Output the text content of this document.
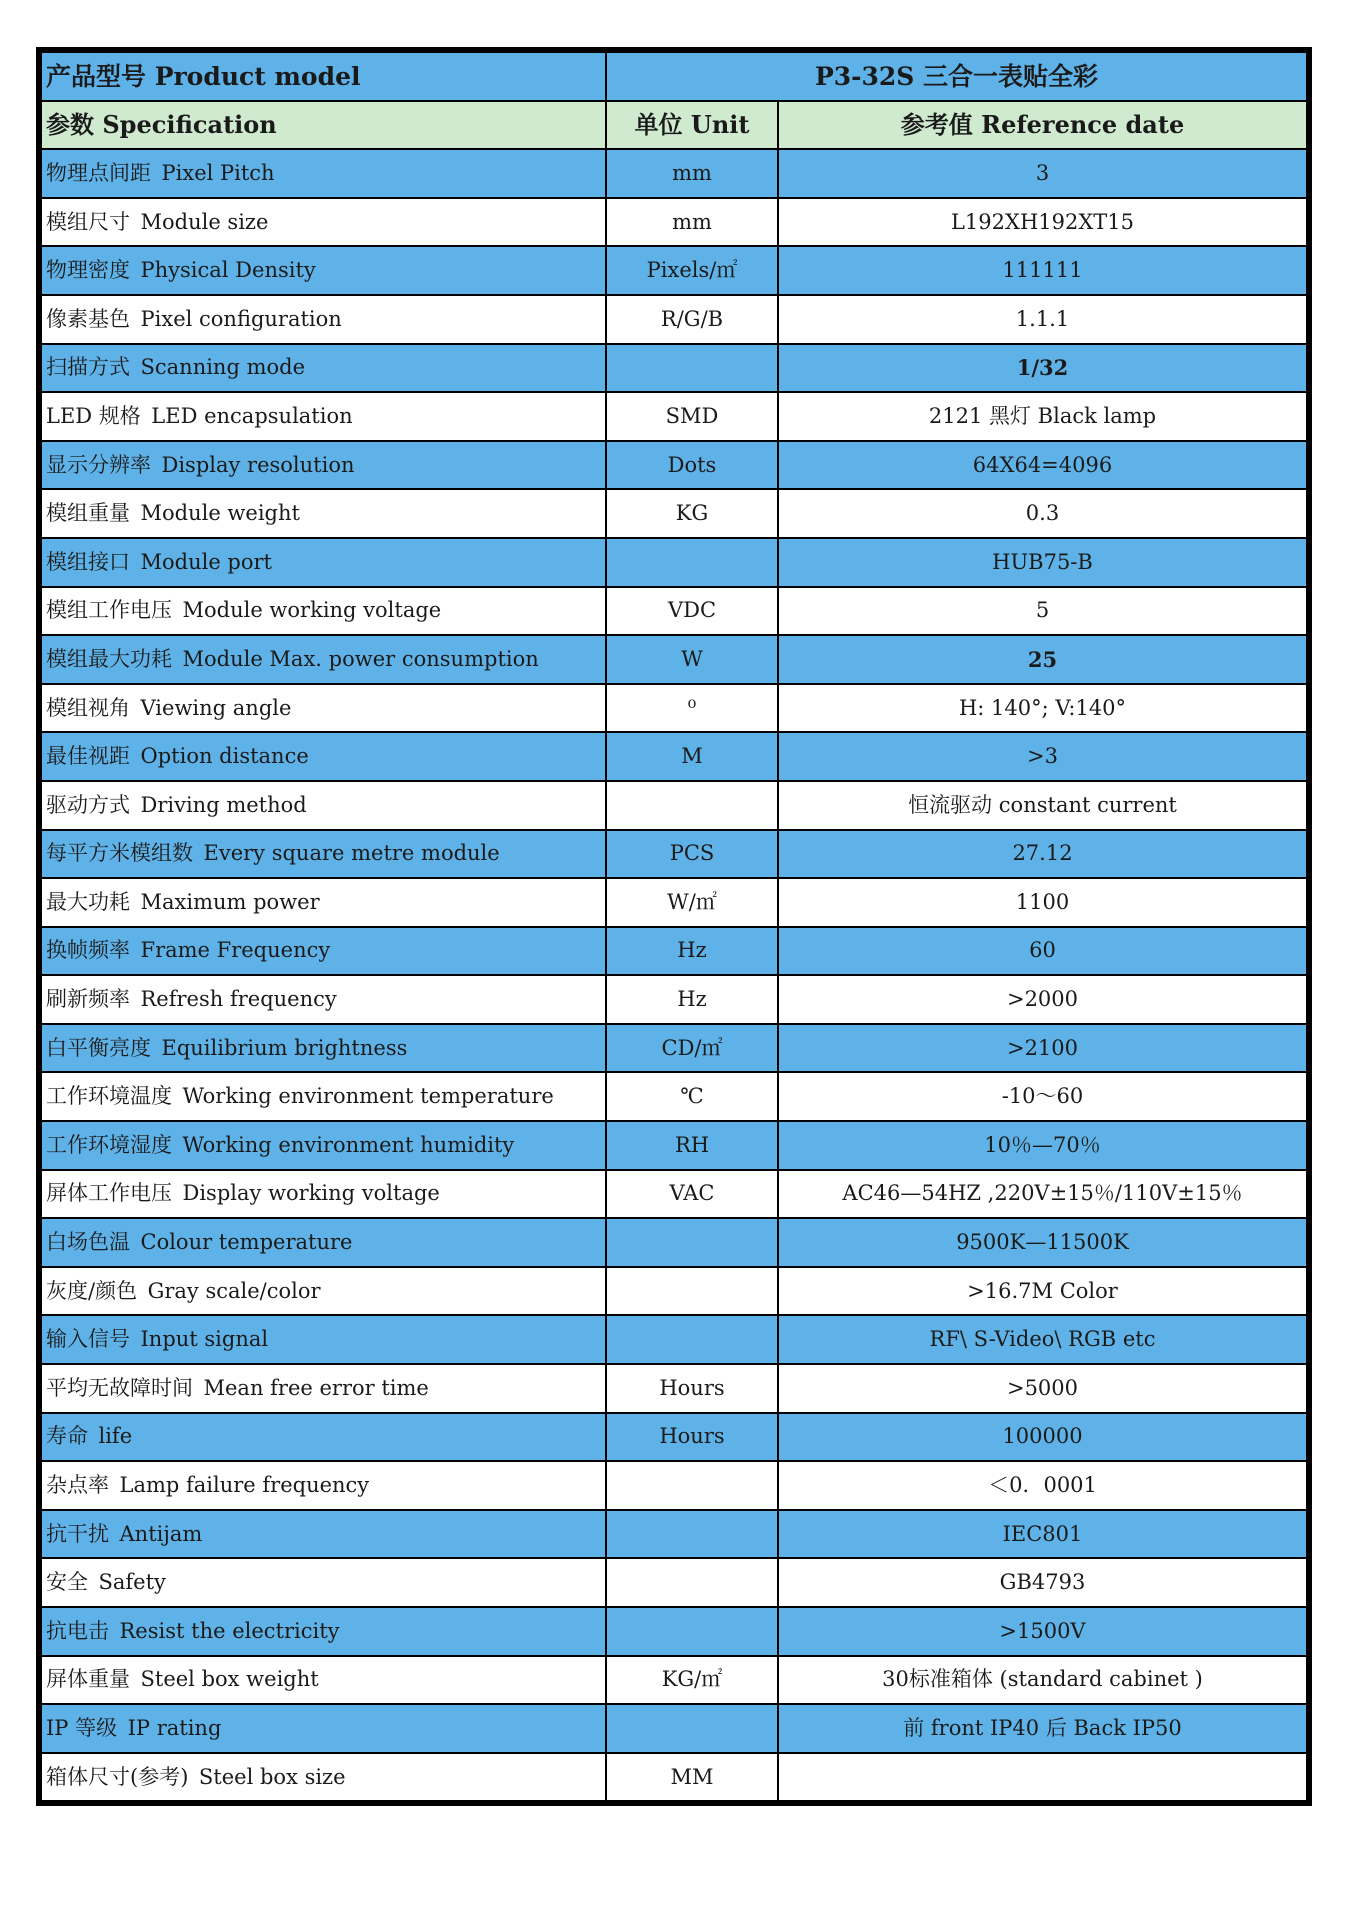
产品型号 Product model	P3-32S 三合一表贴全彩	
参数 Specification	单位 Unit	参考值 Reference date
物理点间距 Pixel Pitch	mm	3
模组尺寸 Module size	mm	L192XH192XT15
物理密度 Physical Density	Pixels/㎡	111111
像素基色 Pixel configuration	R/G/B	1.1.1
扫描方式 Scanning mode		1/32
LED 规格 LED encapsulation	SMD	2121 黑灯 Black lamp
显示分辨率 Display resolution	Dots	64X64=4096
模组重量 Module weight	KG	0.3
模组接口 Module port		HUB75-B
模组工作电压 Module working voltage	VDC	5
模组最大功耗 Module Max. power consumption	W	25
模组视角 Viewing angle	⁰	H: 140°; V:140°
最佳视距 Option distance	M	>3
驱动方式 Driving method		恒流驱动 constant current
每平方米模组数 Every square metre module	PCS	27.12
最大功耗 Maximum power	W/㎡	1100
换帧频率 Frame Frequency	Hz	60
刷新频率 Refresh frequency	Hz	>2000
白平衡亮度 Equilibrium brightness	CD/㎡	>2100
工作环境温度 Working environment temperature	℃	-10～60
工作环境湿度 Working environment humidity	RH	10％—70％
屏体工作电压 Display working voltage	VAC	AC46—54HZ ,220V±15％/110V±15％
白场色温 Colour temperature		9500K—11500K
灰度/颜色 Gray scale/color		>16.7M Color
输入信号 Input signal		RF\ S-Video\ RGB etc
平均无故障时间 Mean free error time	Hours	>5000
寿命 life	Hours	100000
杂点率 Lamp failure frequency		＜0．0001
抗干扰 Antijam		IEC801
安全 Safety		GB4793
抗电击 Resist the electricity		>1500V
屏体重量 Steel box weight	KG/㎡	30标准箱体 (standard cabinet )
IP 等级 IP rating		前 front IP40 后 Back IP50
箱体尺寸(参考) Steel box size	MM	
